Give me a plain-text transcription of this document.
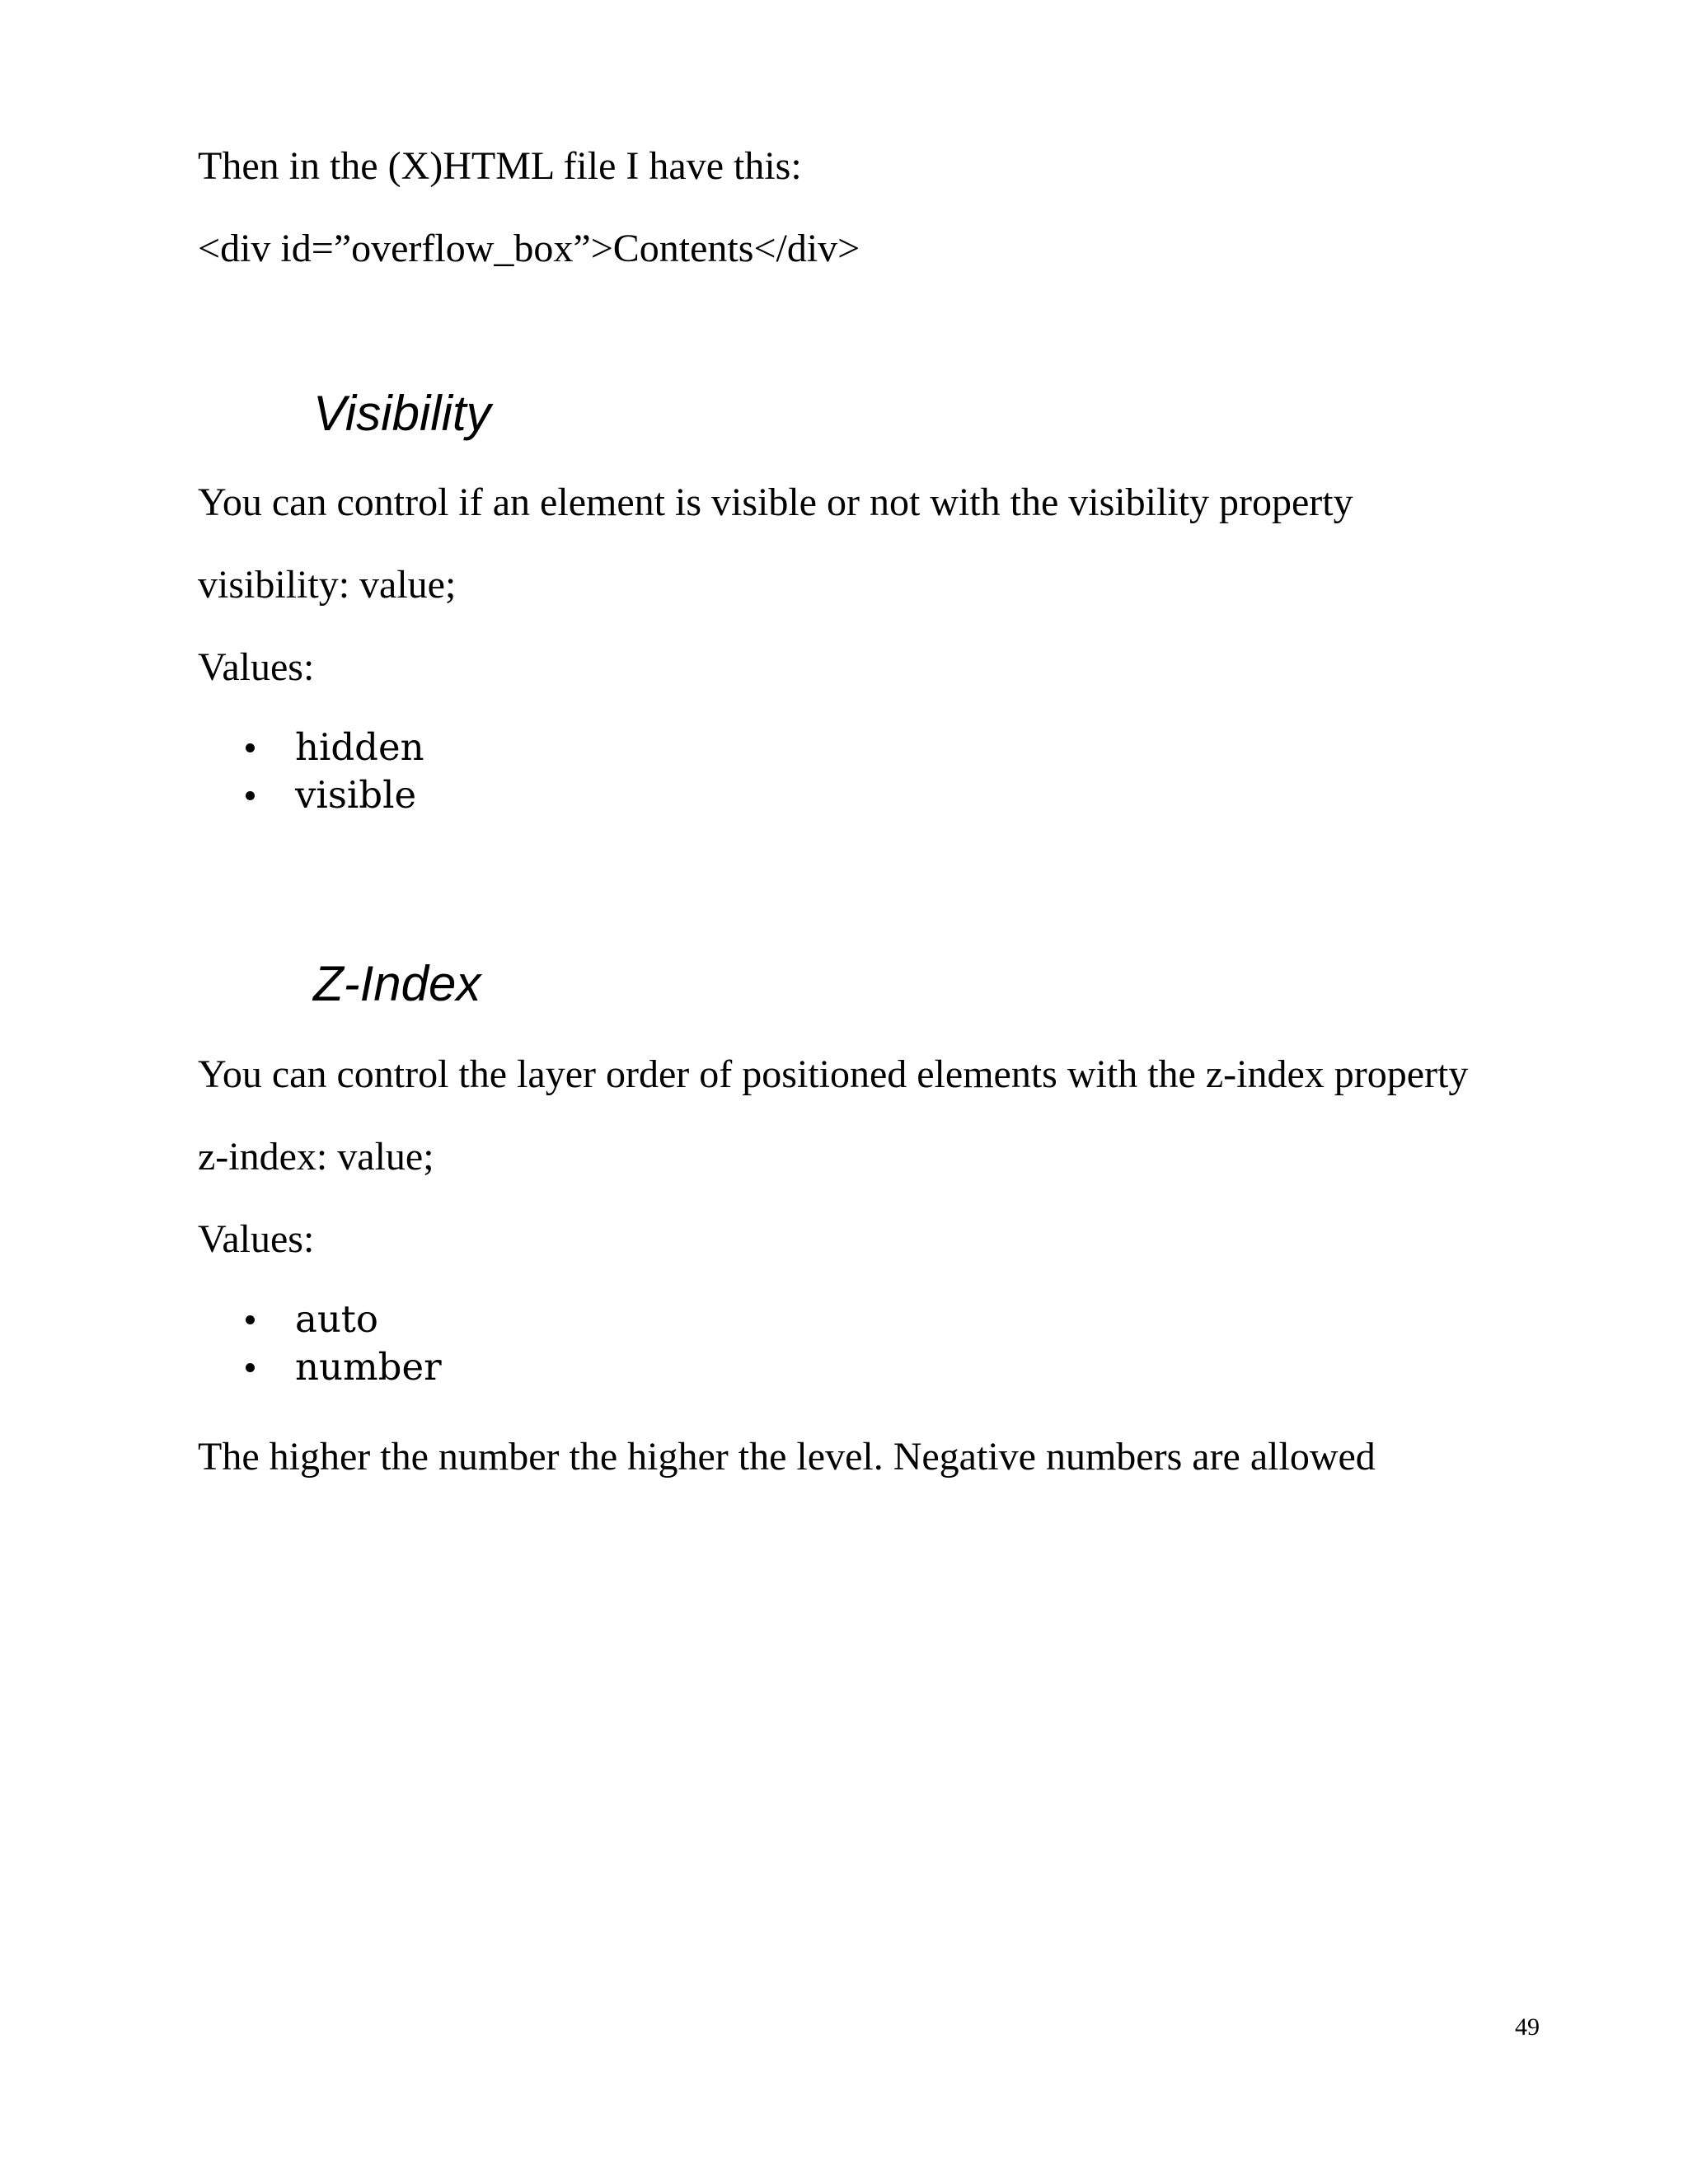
Then in the (X)HTML file I have this:

<div id=”overflow_box”>Contents</div>

Visibility

You can control if an element is visible or not with the visibility property

visibility: value;

Values:

hidden
visible
Z-Index

You can control the layer order of positioned elements with the z-index property

z-index: value;

Values:

auto
number

The higher the number the higher the level. Negative numbers are allowed

49
